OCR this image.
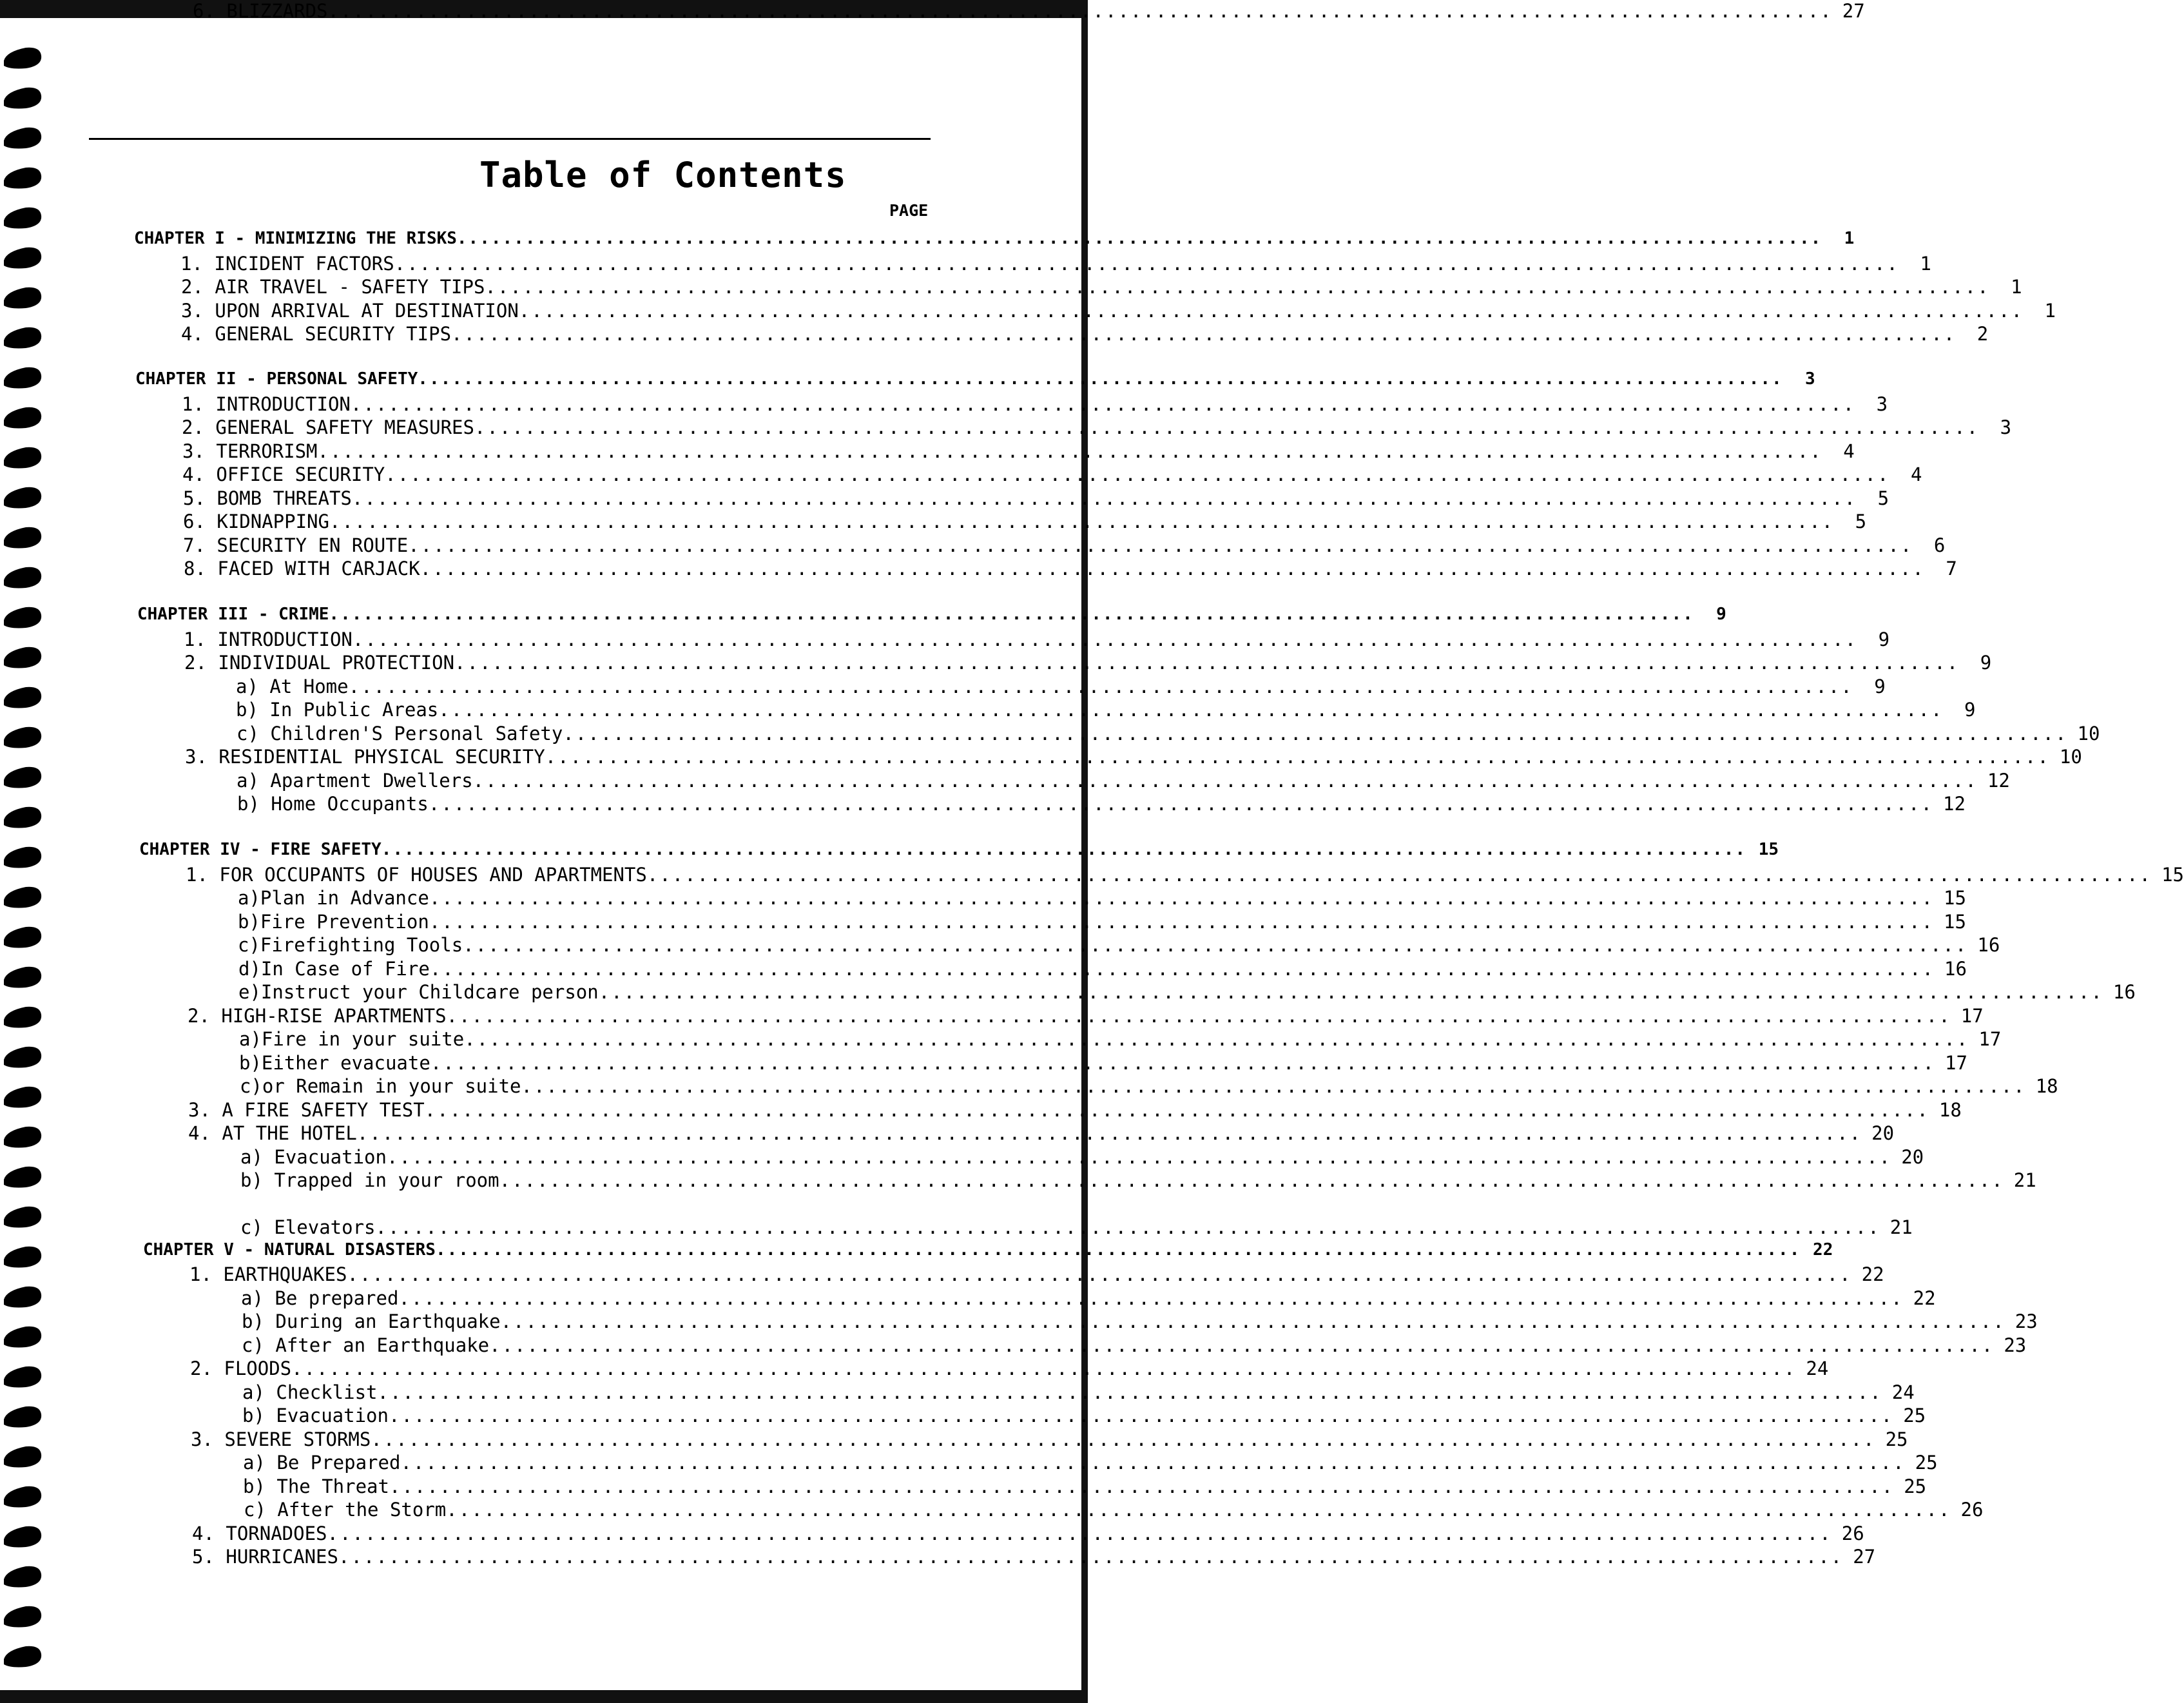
Table of Contents
PAGE
CHAPTER I - MINIMIZING THE RISKS ........................................................................................................................	1
1. INCIDENT FACTORS ........................................................................................................................	1
2. AIR TRAVEL - SAFETY TIPS ........................................................................................................................	1
3. UPON ARRIVAL AT DESTINATION ........................................................................................................................	1
4. GENERAL SECURITY TIPS ........................................................................................................................	2
CHAPTER II - PERSONAL SAFETY ........................................................................................................................	3
1. INTRODUCTION ........................................................................................................................	3
2. GENERAL SAFETY MEASURES ........................................................................................................................	3
3. TERRORISM ........................................................................................................................	4
4. OFFICE SECURITY ........................................................................................................................	4
5. BOMB THREATS ........................................................................................................................	5
6. KIDNAPPING ........................................................................................................................	5
7. SECURITY EN ROUTE ........................................................................................................................	6
8. FACED WITH CARJACK ........................................................................................................................	7
CHAPTER III - CRIME ........................................................................................................................	9
1. INTRODUCTION ........................................................................................................................	9
2. INDIVIDUAL PROTECTION ........................................................................................................................	9
a) At Home ........................................................................................................................	9
b) In Public Areas ........................................................................................................................	9
c) Children'S Personal Safety ........................................................................................................................ 10
3. RESIDENTIAL PHYSICAL SECURITY ........................................................................................................................ 10
a) Apartment Dwellers ........................................................................................................................ 12
b) Home Occupants ........................................................................................................................ 12
CHAPTER IV - FIRE SAFETY ........................................................................................................................ 15
1. FOR OCCUPANTS OF HOUSES AND APARTMENTS ........................................................................................................................ 15
a)Plan in Advance ........................................................................................................................ 15
b)Fire Prevention ........................................................................................................................ 15
c)Firefighting Tools ........................................................................................................................ 16
d)In Case of Fire ........................................................................................................................ 16
e)Instruct your Childcare person ........................................................................................................................ 16
2. HIGH-RISE APARTMENTS ........................................................................................................................ 17
a)Fire in your suite ........................................................................................................................ 17
b)Either evacuate ........................................................................................................................ 17
c)or Remain in your suite ........................................................................................................................ 18
3. A FIRE SAFETY TEST ........................................................................................................................ 18
4. AT THE HOTEL ........................................................................................................................ 20
a) Evacuation ........................................................................................................................ 20
b) Trapped in your room ........................................................................................................................ 21
c) Elevators ........................................................................................................................ 21
CHAPTER V - NATURAL DISASTERS ........................................................................................................................ 22
1. EARTHQUAKES ........................................................................................................................ 22
a) Be prepared ........................................................................................................................ 22
b) During an Earthquake ........................................................................................................................ 23
c) After an Earthquake ........................................................................................................................ 23
2. FLOODS ........................................................................................................................ 24
a) Checklist ........................................................................................................................ 24
b) Evacuation ........................................................................................................................ 25
3. SEVERE STORMS ........................................................................................................................ 25
a) Be Prepared ........................................................................................................................ 25
b) The Threat ........................................................................................................................ 25
c) After the Storm ........................................................................................................................ 26
4. TORNADOES ........................................................................................................................ 26
5. HURRICANES ........................................................................................................................ 27
6. BLIZZARDS ........................................................................................................................ 27
